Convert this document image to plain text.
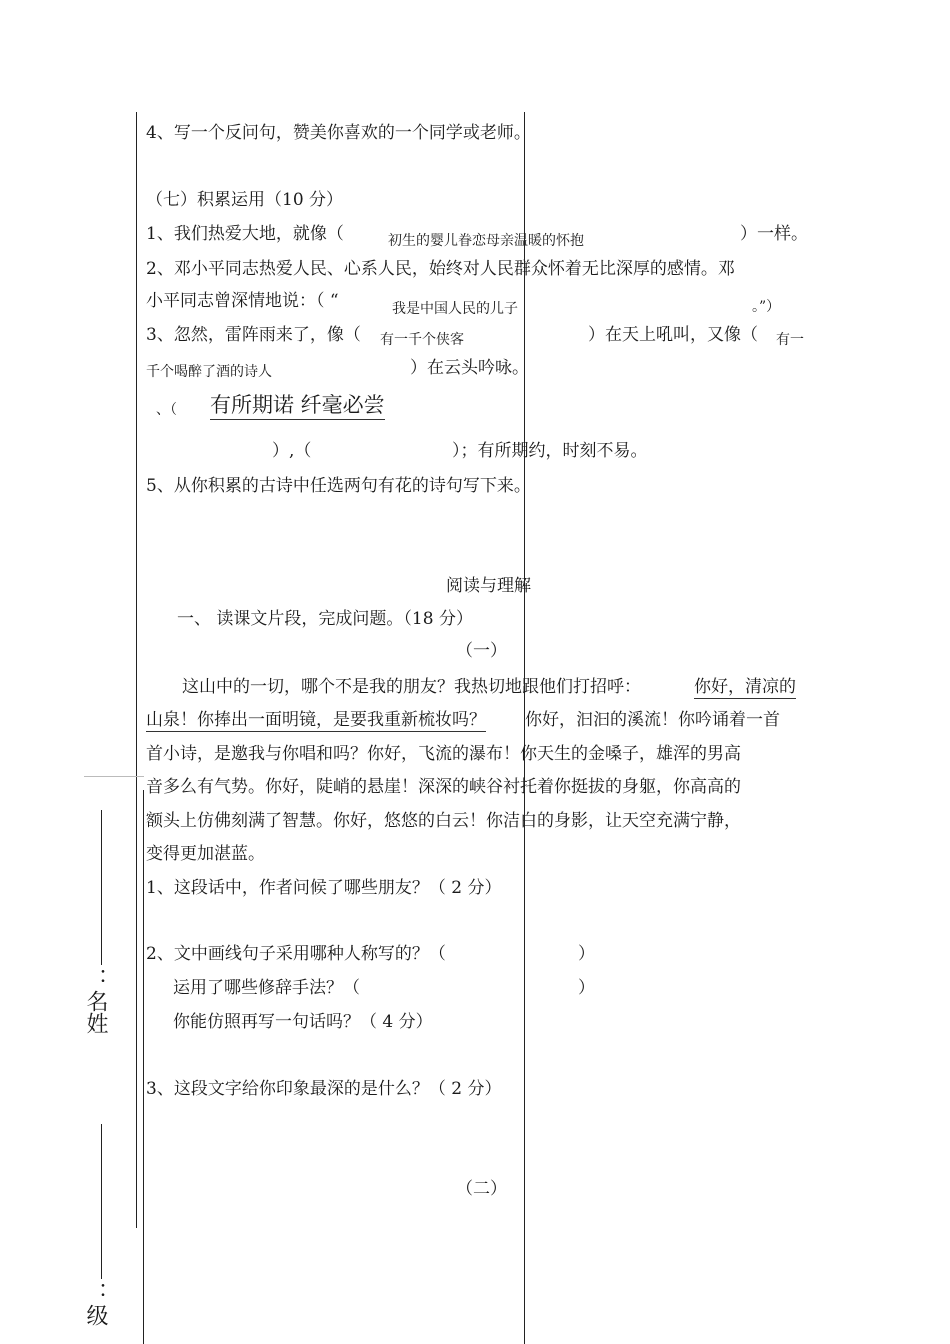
：名姓
：级
4、写一个反问句，赞美你喜欢的一个同学或老师。
（七）积累运用（10 分）
1、我们热爱大地，就像（	初生的婴儿眷恋母亲温暖的怀抱	）一样。
2、邓小平同志热爱人民、心系人民，始终对人民群众怀着无比深厚的感情。邓
小平同志曾深情地说：（ “	我是中国人民的儿子	。”）
3、忽然，雷阵雨来了，像（ 有一千个侠客	）在天上吼叫，又像（ 有一
千个喝醉了酒的诗人	）在云头吟咏。
、（ 有所期诺 纤毫必尝
）,（	）；有所期约，时刻不易。
5、从你积累的古诗中任选两句有花的诗句写下来。
阅读与理解
一、 读课文片段，完成问题。（18 分）
（一）
这山中的一切，哪个不是我的朋友？我热切地跟他们打招呼：	你好，清凉的
山泉！你捧出一面明镜，是要我重新梳妆吗？ 你好，汩汩的溪流！你吟诵着一首
首小诗，是邀我与你唱和吗？你好，飞流的瀑布！你天生的金嗓子，雄浑的男高
音多么有气势。你好，陡峭的悬崖！深深的峡谷衬托着你挺拔的身躯，你高高的
额头上仿佛刻满了智慧。你好，悠悠的白云！你洁白的身影，让天空充满宁静，
变得更加湛蓝。
1、这段话中，作者问候了哪些朋友？（ 2 分）
2、文中画线句子采用哪种人称写的？（	）
运用了哪些修辞手法？（	）
你能仿照再写一句话吗？（ 4 分）
3、这段文字给你印象最深的是什么？（ 2 分）
（二）
